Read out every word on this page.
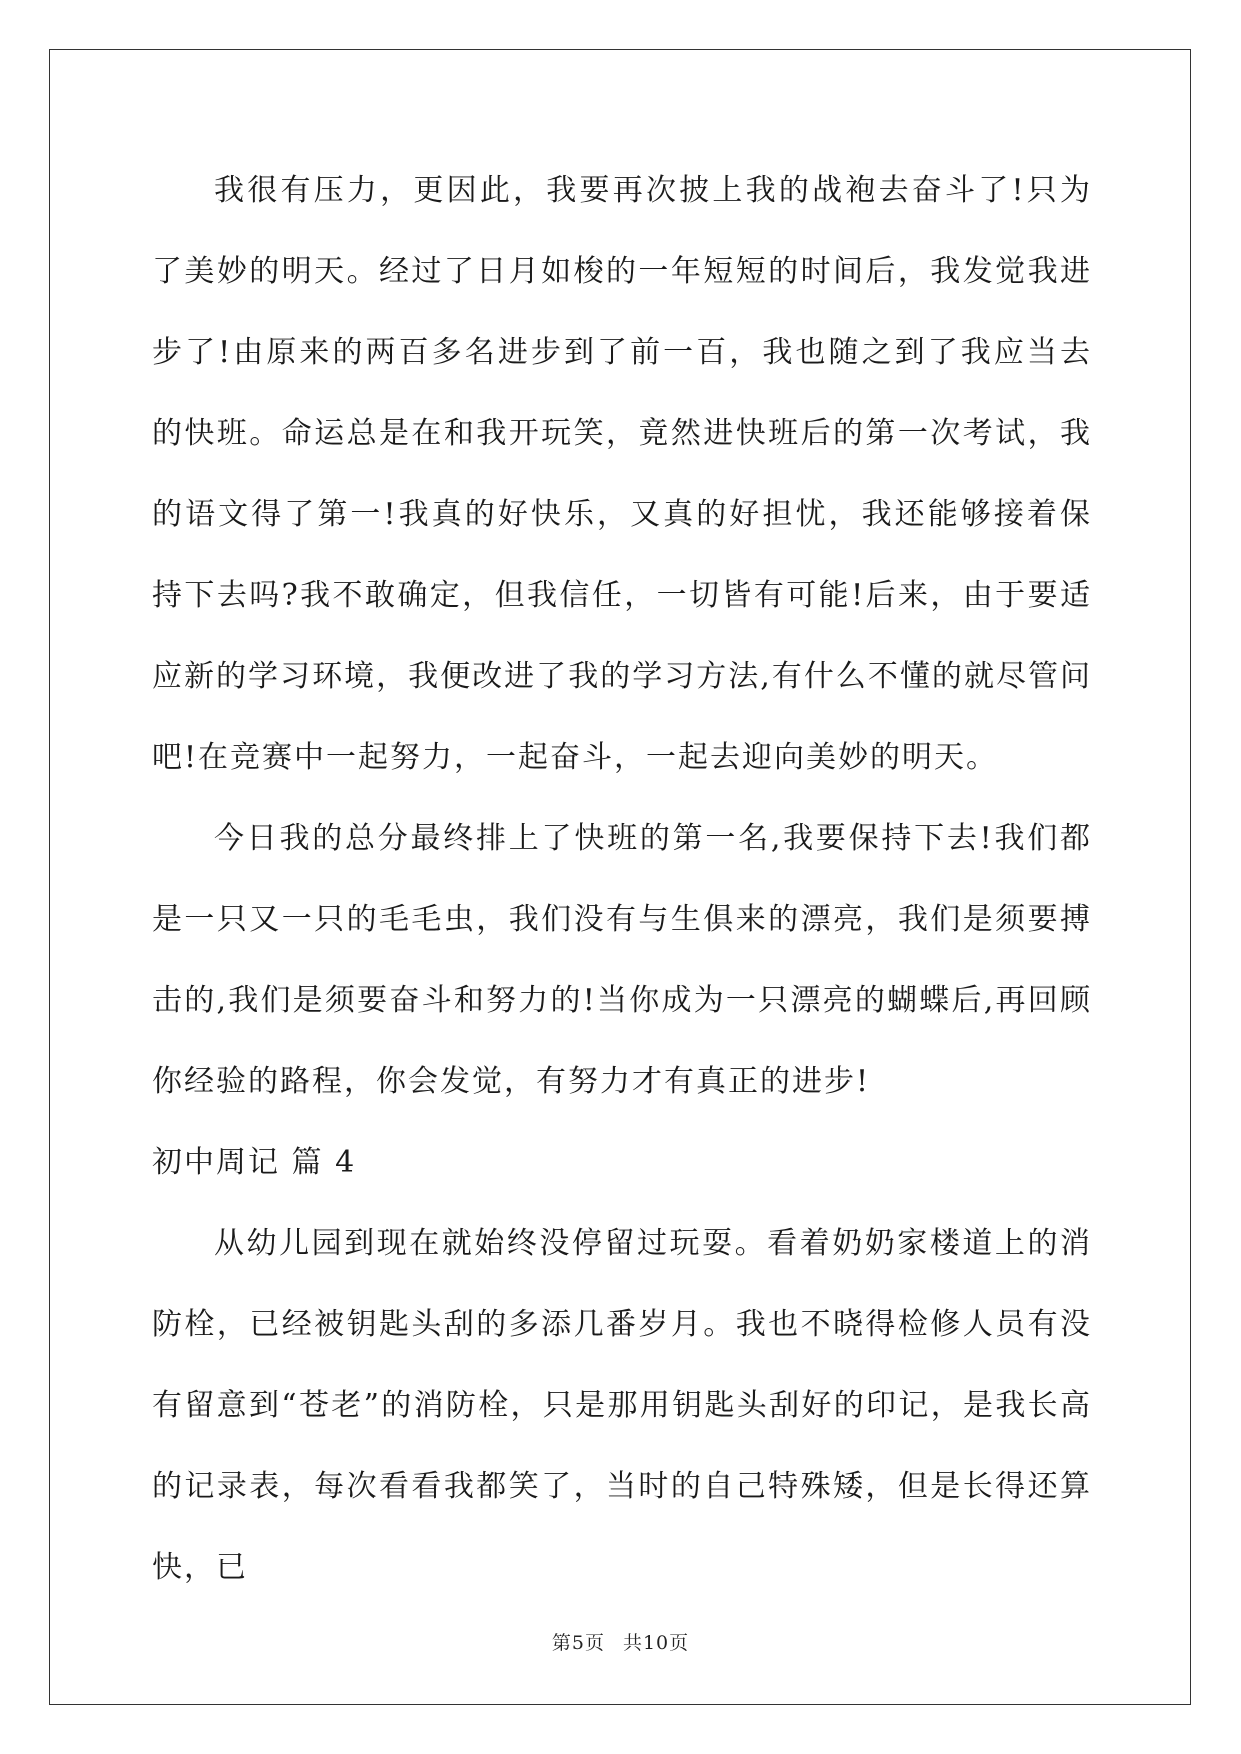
我很有压力，更因此，我要再次披上我的战袍去奋斗了!只为了美妙的明天。经过了日月如梭的一年短短的时间后，我发觉我进步了!由原来的两百多名进步到了前一百，我也随之到了我应当去的快班。命运总是在和我开玩笑，竟然进快班后的第一次考试，我的语文得了第一!我真的好快乐，又真的好担忧，我还能够接着保持下去吗?我不敢确定，但我信任，一切皆有可能!后来，由于要适应新的学习环境，我便改进了我的学习方法,有什么不懂的就尽管问吧!在竞赛中一起努力，一起奋斗，一起去迎向美妙的明天。

今日我的总分最终排上了快班的第一名,我要保持下去!我们都是一只又一只的毛毛虫，我们没有与生俱来的漂亮，我们是须要搏击的,我们是须要奋斗和努力的!当你成为一只漂亮的蝴蝶后,再回顾你经验的路程，你会发觉，有努力才有真正的进步!

初中周记 篇 4

从幼儿园到现在就始终没停留过玩耍。看着奶奶家楼道上的消防栓，已经被钥匙头刮的多添几番岁月。我也不晓得检修人员有没有留意到“苍老”的消防栓，只是那用钥匙头刮好的印记，是我长高的记录表，每次看看我都笑了，当时的自己特殊矮，但是长得还算快，已

第5页 共10页
